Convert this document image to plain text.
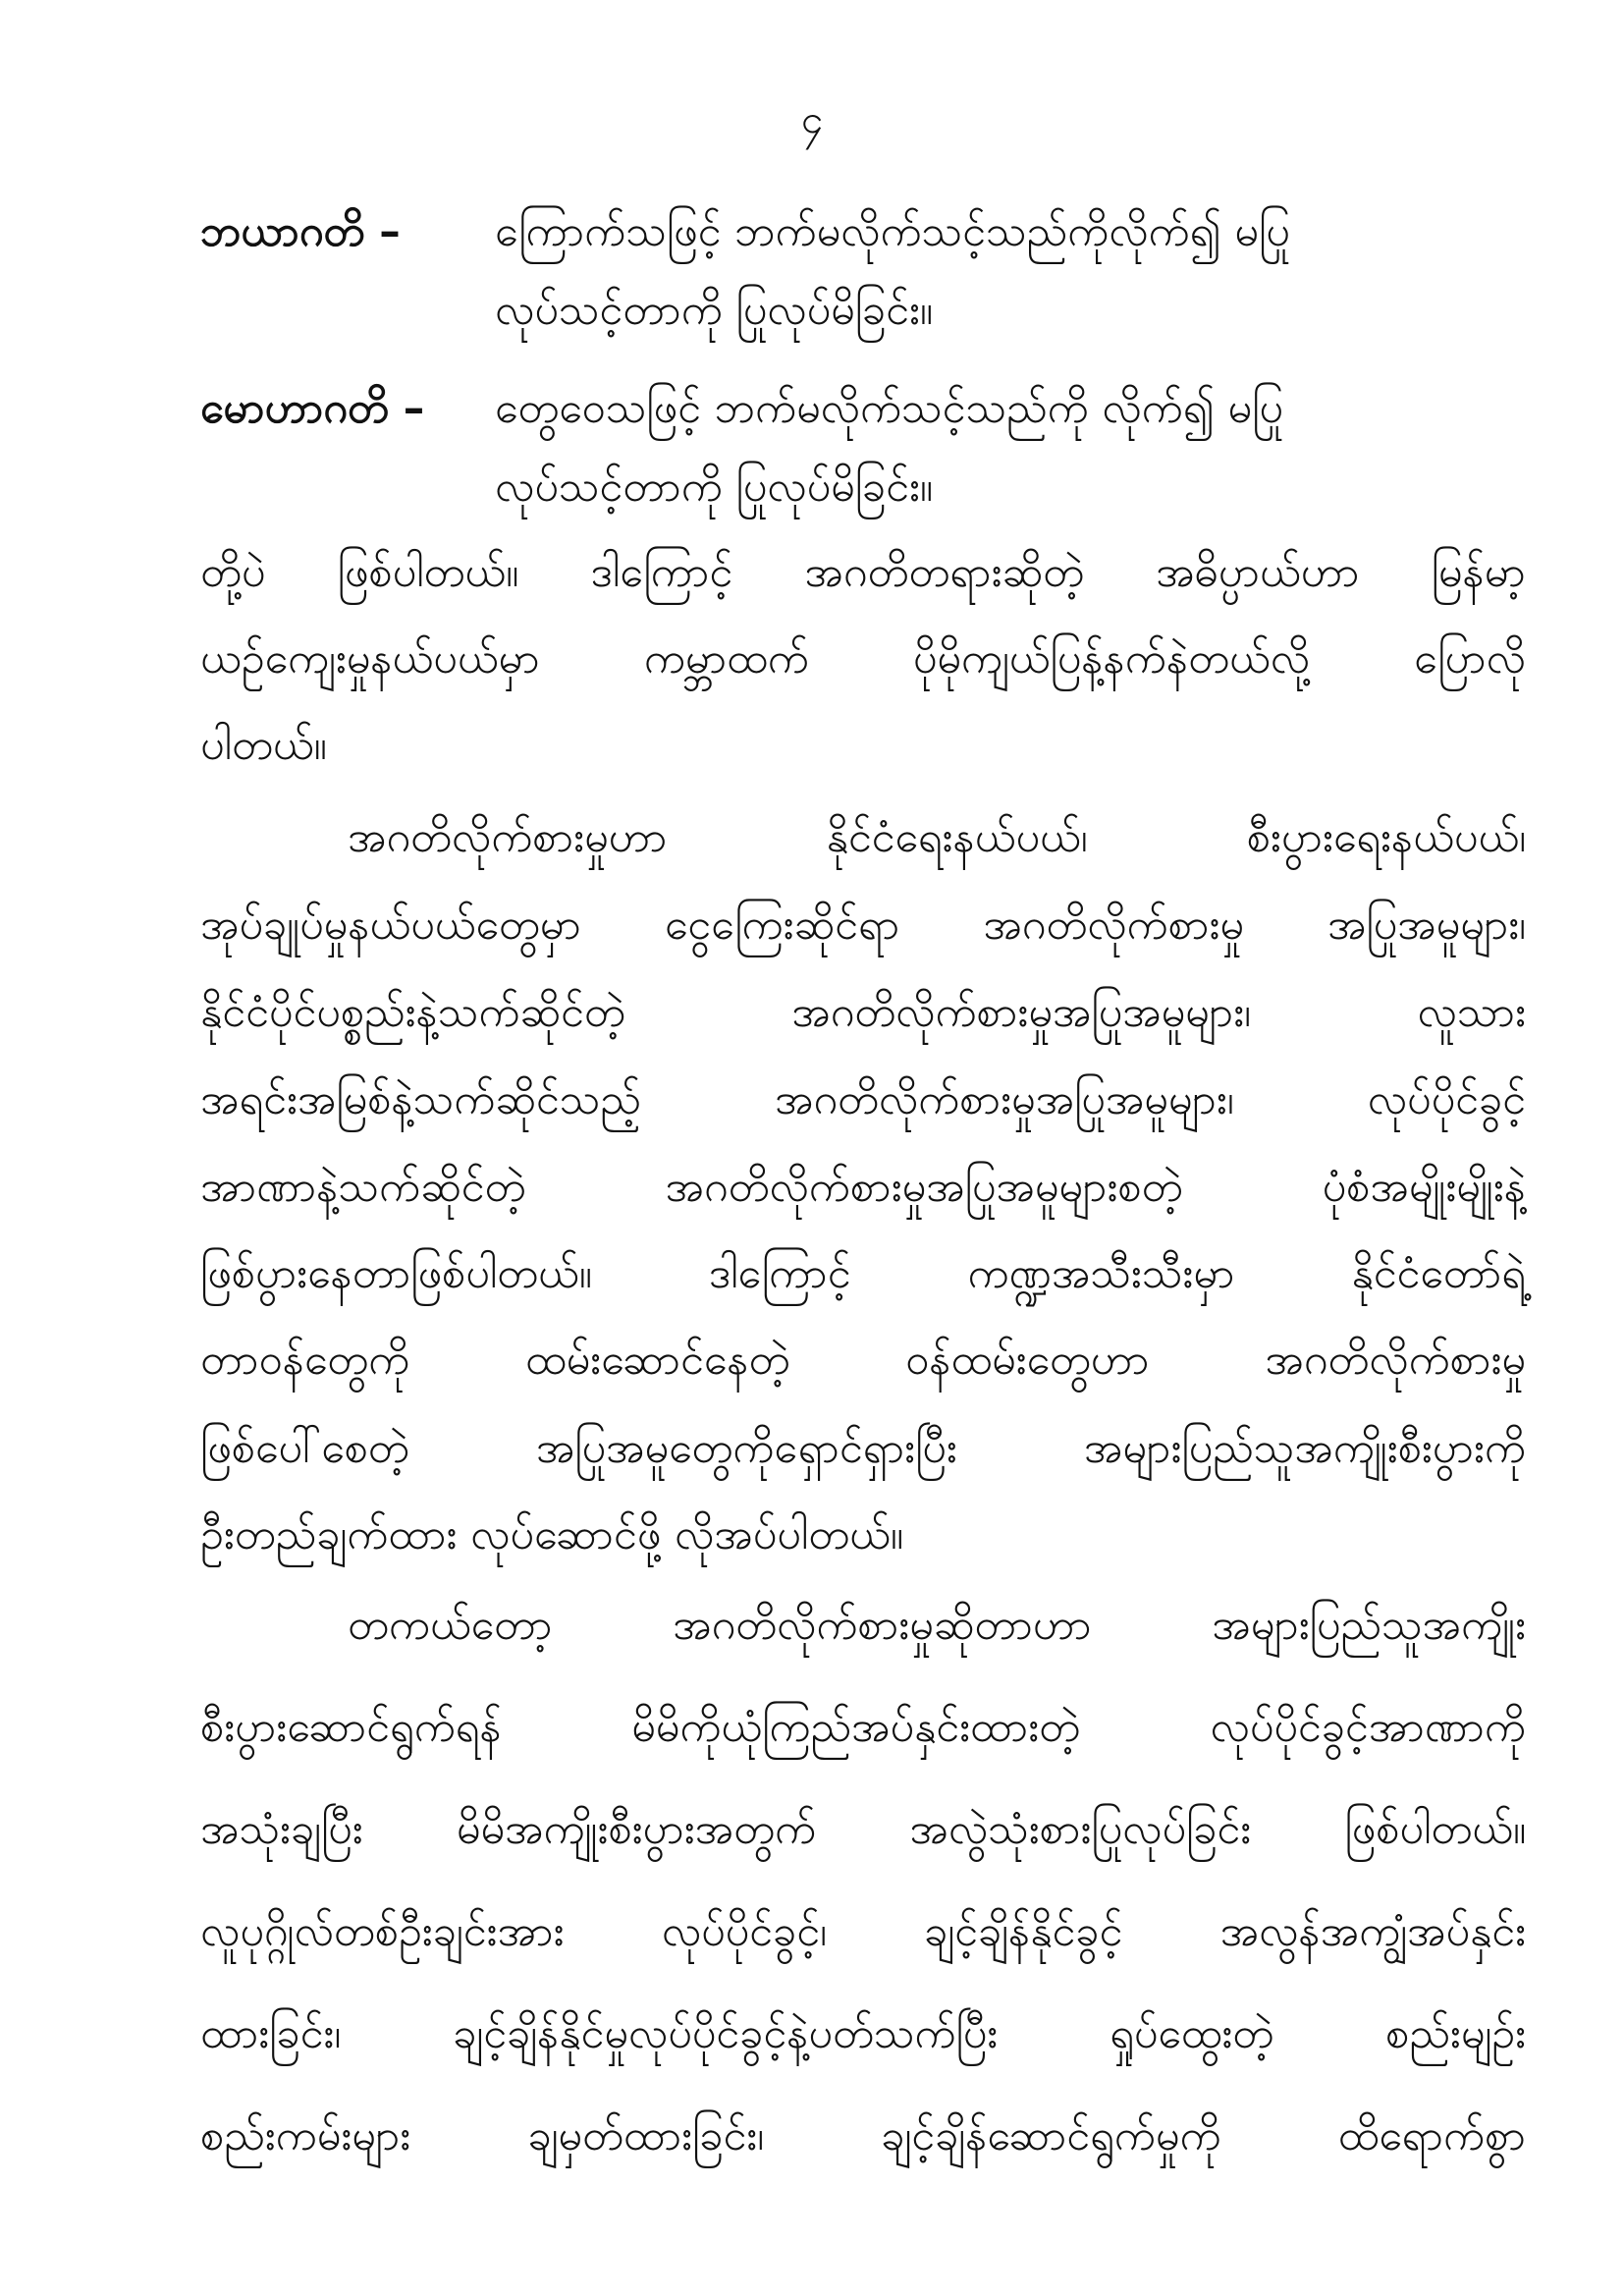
၄
ဘယာဂတိ – ကြောက်သဖြင့် ဘက်မလိုက်သင့်သည်ကိုလိုက်၍ မပြု
လုပ်သင့်တာကို ပြုလုပ်မိခြင်း။
မောဟာဂတိ – တွေဝေသဖြင့် ဘက်မလိုက်သင့်သည်ကို လိုက်၍ မပြု
လုပ်သင့်တာကို ပြုလုပ်မိခြင်း။
တို့ပဲ ဖြစ်ပါတယ်။ ဒါကြောင့် အဂတိတရားဆိုတဲ့ အဓိပ္ပာယ်ဟာ မြန်မာ့
ယဉ်ကျေးမှုနယ်ပယ်မှာ ကမ္ဘာထက် ပိုမိုကျယ်ပြန့်နက်နဲတယ်လို့ ပြောလို
ပါတယ်။
အဂတိလိုက်စားမှုဟာ နိုင်ငံရေးနယ်ပယ်၊ စီးပွားရေးနယ်ပယ်၊
အုပ်ချုပ်မှုနယ်ပယ်တွေမှာ ငွေကြေးဆိုင်ရာ အဂတိလိုက်စားမှု အပြုအမူများ၊
နိုင်ငံပိုင်ပစ္စည်းနဲ့သက်ဆိုင်တဲ့ အဂတိလိုက်စားမှုအပြုအမူများ၊ လူသား
အရင်းအမြစ်နဲ့သက်ဆိုင်သည့် အဂတိလိုက်စားမှုအပြုအမူများ၊ လုပ်ပိုင်ခွင့်
အာဏာနဲ့သက်ဆိုင်တဲ့ အဂတိလိုက်စားမှုအပြုအမူများစတဲ့ ပုံစံအမျိုးမျိုးနဲ့
ဖြစ်ပွားနေတာဖြစ်ပါတယ်။ ဒါကြောင့် ကဏ္ဍအသီးသီးမှာ နိုင်ငံတော်ရဲ့
တာဝန်တွေကို ထမ်းဆောင်နေတဲ့ ဝန်ထမ်းတွေဟာ အဂတိလိုက်စားမှု
ဖြစ်ပေါ်စေတဲ့ အပြုအမူတွေကိုရှောင်ရှားပြီး အများပြည်သူအကျိုးစီးပွားကို
ဦးတည်ချက်ထား လုပ်ဆောင်ဖို့ လိုအပ်ပါတယ်။
တကယ်တော့ အဂတိလိုက်စားမှုဆိုတာဟာ အများပြည်သူအကျိုး
စီးပွားဆောင်ရွက်ရန် မိမိကိုယုံကြည်အပ်နှင်းထားတဲ့ လုပ်ပိုင်ခွင့်အာဏာကို
အသုံးချပြီး မိမိအကျိုးစီးပွားအတွက် အလွဲသုံးစားပြုလုပ်ခြင်း ဖြစ်ပါတယ်။
လူပုဂ္ဂိုလ်တစ်ဦးချင်းအား လုပ်ပိုင်ခွင့်၊ ချင့်ချိန်နိုင်ခွင့် အလွန်အကျွံအပ်နှင်း
ထားခြင်း၊ ချင့်ချိန်နိုင်မှုလုပ်ပိုင်ခွင့်နဲ့ပတ်သက်ပြီး ရှုပ်ထွေးတဲ့ စည်းမျဉ်း
စည်းကမ်းများ ချမှတ်ထားခြင်း၊ ချင့်ချိန်ဆောင်ရွက်မှုကို ထိရောက်စွာ
